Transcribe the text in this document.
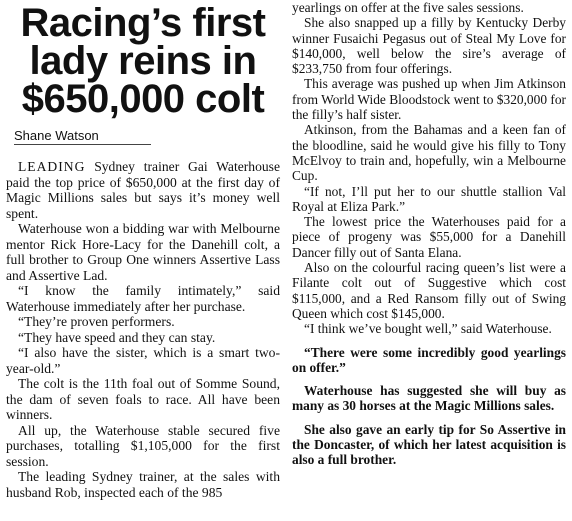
Racing’s first lady reins in $650,000 colt
Shane Watson

LEADING Sydney trainer Gai Waterhouse paid the top price of $650,000 at the first day of Magic Millions sales but says it’s money well spent.

Waterhouse won a bidding war with Melbourne mentor Rick Hore-Lacy for the Danehill colt, a full brother to Group One winners Assertive Lass and Assertive Lad.

“I know the family intimately,” said Waterhouse immediately after her purchase.

“They’re proven performers.

“They have speed and they can stay.

“I also have the sister, which is a smart two-year-old.”

The colt is the 11th foal out of Somme Sound, the dam of seven foals to race. All have been winners.

All up, the Waterhouse stable secured five purchases, totalling $1,105,000 for the first session.

The leading Sydney trainer, at the sales with husband Rob, inspected each of the 985

yearlings on offer at the five sales sessions.

She also snapped up a filly by Kentucky Derby winner Fusaichi Pegasus out of Steal My Love for $140,000, well below the sire’s average of $233,750 from four offerings.

This average was pushed up when Jim Atkinson from World Wide Bloodstock went to $320,000 for the filly’s half sister.

Atkinson, from the Bahamas and a keen fan of the bloodline, said he would give his filly to Tony McElvoy to train and, hopefully, win a Melbourne Cup.

“If not, I’ll put her to our shuttle stallion Val Royal at Eliza Park.”

The lowest price the Waterhouses paid for a piece of progeny was $55,000 for a Danehill Dancer filly out of Santa Elana.

Also on the colourful racing queen’s list were a Filante colt out of Suggestive which cost $115,000, and a Red Ransom filly out of Swing Queen which cost $145,000.

“I think we’ve bought well,” said Waterhouse.

“There were some incredibly good yearlings on offer.”

Waterhouse has suggested she will buy as many as 30 horses at the Magic Millions sales.

She also gave an early tip for So Assertive in the Doncaster, of which her latest acquisition is also a full brother.
